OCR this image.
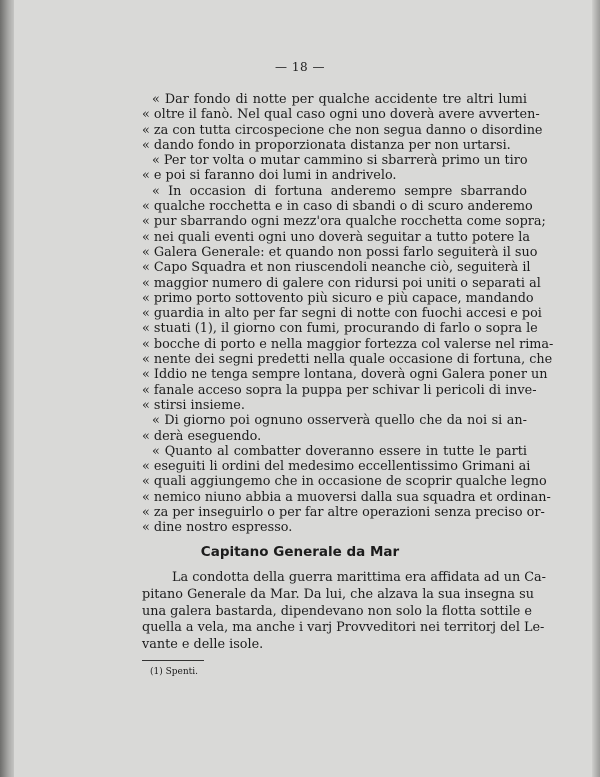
— 18 —
« Dar fondo di notte per qualche accidente tre altri lumi
« oltre il fanò. Nel qual caso ogni uno doverà avere avverten-
« za con tutta circospecione che non segua danno o disordine
« dando fondo in proporzionata distanza per non urtarsi.
« Per tor volta o mutar cammino si sbarrerà primo un tiro
« e poi si faranno doi lumi in andrivelo.
« In occasion di fortuna anderemo sempre sbarrando
« qualche rocchetta e in caso di sbandi o di scuro anderemo
« pur sbarrando ogni mezz'ora qualche rocchetta come sopra;
« nei quali eventi ogni uno doverà seguitar a tutto potere la
« Galera Generale: et quando non possi farlo seguiterà il suo
« Capo Squadra et non riuscendoli neanche ciò, seguiterà il
« maggior numero di galere con ridursi poi uniti o separati al
« primo porto sottovento più sicuro e più capace, mandando
« guardia in alto per far segni di notte con fuochi accesi e poi
« stuati (1), il giorno con fumi, procurando di farlo o sopra le
« bocche di porto e nella maggior fortezza col valerse nel rima-
« nente dei segni predetti nella quale occasione di fortuna, che
« Iddio ne tenga sempre lontana, doverà ogni Galera poner un
« fanale acceso sopra la puppa per schivar li pericoli di inve-
« stirsi insieme.
« Di giorno poi ognuno osserverà quello che da noi si an-
« derà eseguendo.
« Quanto al combatter doveranno essere in tutte le parti
« eseguiti li ordini del medesimo eccellentissimo Grimani ai
« quali aggiungemo che in occasione de scoprir qualche legno
« nemico niuno abbia a muoversi dalla sua squadra et ordinan-
« za per inseguirlo o per far altre operazioni senza preciso or-
« dine nostro espresso.
Capitano Generale da Mar
La condotta della guerra marittima era affidata ad un Ca-
pitano Generale da Mar. Da lui, che alzava la sua insegna su
una galera bastarda, dipendevano non solo la flotta sottile e
quella a vela, ma anche i varj Provveditori nei territorj del Le-
vante e delle isole.
(1) Spenti.
